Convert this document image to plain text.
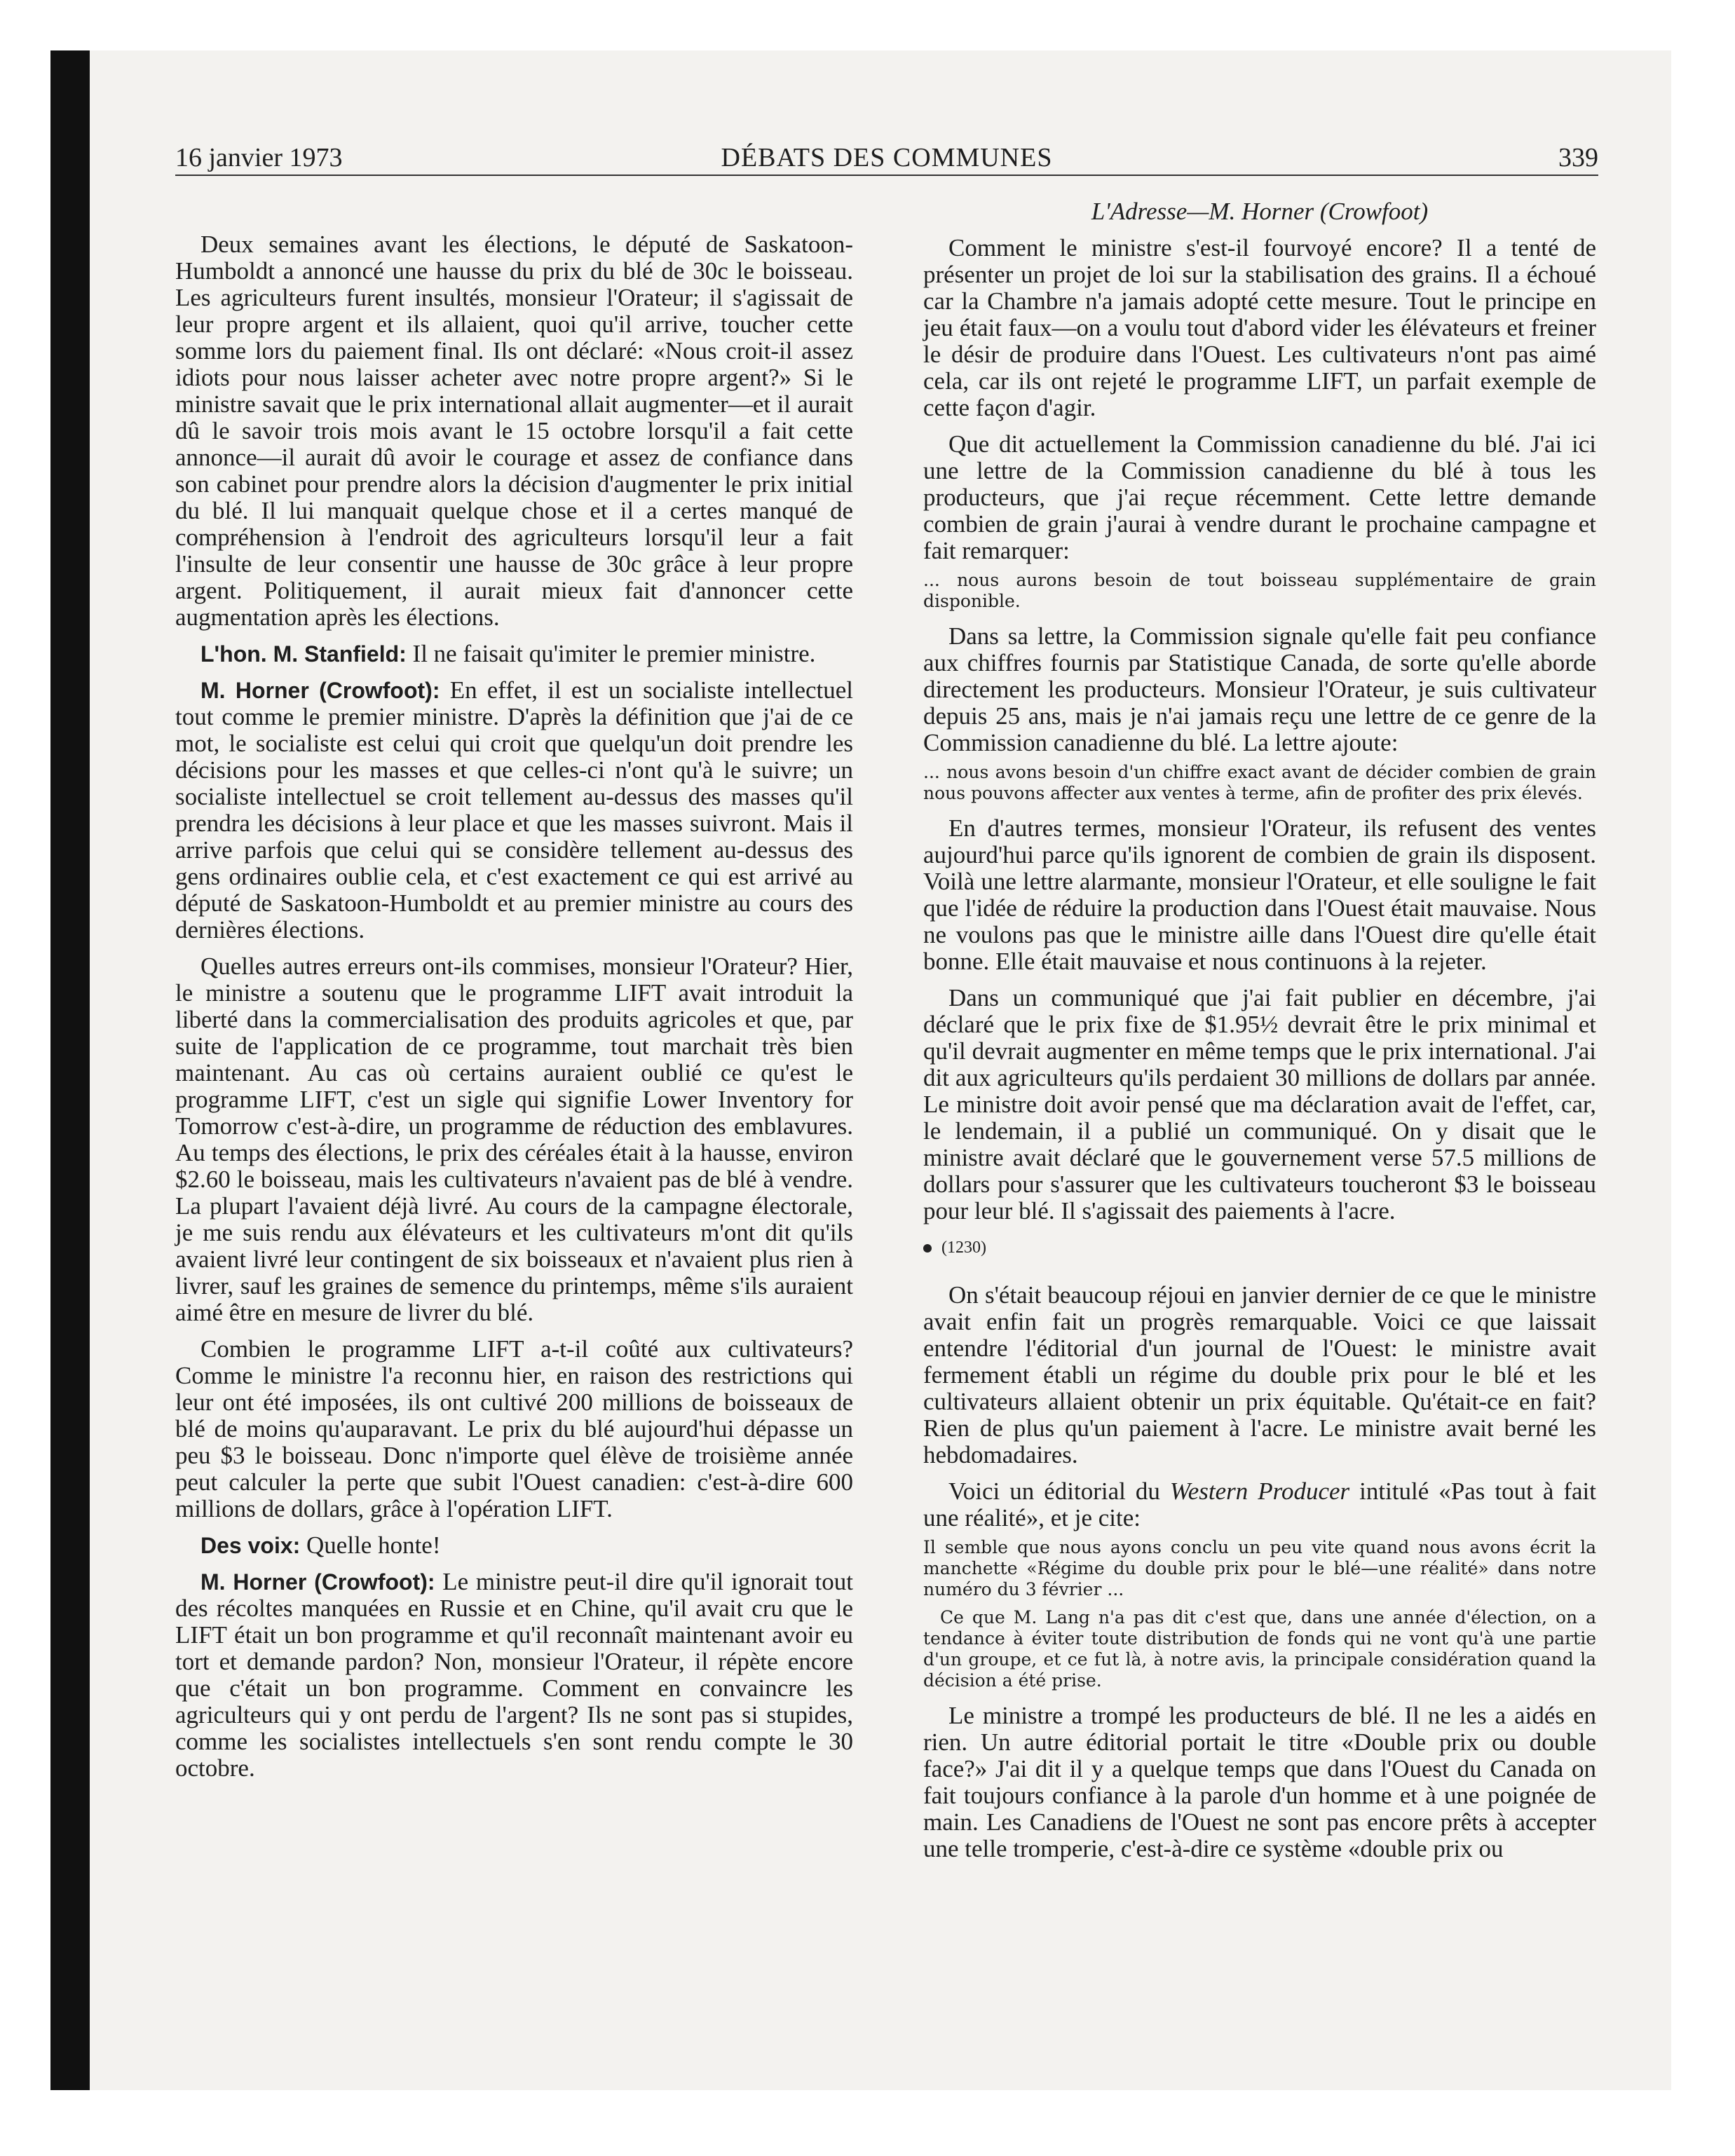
DÉBATS DES COMMUNES
16 janvier 1973	339
L'Adresse—M. Horner (Crowfoot)

Deux semaines avant les élections, le député de Saskatoon-Humboldt a annoncé une hausse du prix du blé de 30c le boisseau. Les agriculteurs furent insultés, monsieur l'Orateur; il s'agissait de leur propre argent et ils allaient, quoi qu'il arrive, toucher cette somme lors du paiement final. Ils ont déclaré: «Nous croit-il assez idiots pour nous laisser acheter avec notre propre argent?» Si le ministre savait que le prix international allait augmenter—et il aurait dû le savoir trois mois avant le 15 octobre lorsqu'il a fait cette annonce—il aurait dû avoir le courage et assez de confiance dans son cabinet pour prendre alors la décision d'augmenter le prix initial du blé. Il lui manquait quelque chose et il a certes manqué de compréhension à l'endroit des agriculteurs lorsqu'il leur a fait l'insulte de leur consentir une hausse de 30c grâce à leur propre argent. Politiquement, il aurait mieux fait d'annoncer cette augmentation après les élections.

L'hon. M. Stanfield: Il ne faisait qu'imiter le premier ministre.

M. Horner (Crowfoot): En effet, il est un socialiste intellectuel tout comme le premier ministre. D'après la définition que j'ai de ce mot, le socialiste est celui qui croit que quelqu'un doit prendre les décisions pour les masses et que celles-ci n'ont qu'à le suivre; un socialiste intellectuel se croit tellement au-dessus des masses qu'il prendra les décisions à leur place et que les masses suivront. Mais il arrive parfois que celui qui se considère tellement au-dessus des gens ordinaires oublie cela, et c'est exactement ce qui est arrivé au député de Saskatoon-Humboldt et au premier ministre au cours des dernières élections.

Quelles autres erreurs ont-ils commises, monsieur l'Orateur? Hier, le ministre a soutenu que le programme LIFT avait introduit la liberté dans la commercialisation des produits agricoles et que, par suite de l'application de ce programme, tout marchait très bien maintenant. Au cas où certains auraient oublié ce qu'est le programme LIFT, c'est un sigle qui signifie Lower Inventory for Tomorrow c'est-à-dire, un programme de réduction des emblavures. Au temps des élections, le prix des céréales était à la hausse, environ $2.60 le boisseau, mais les cultivateurs n'avaient pas de blé à vendre. La plupart l'avaient déjà livré. Au cours de la campagne électorale, je me suis rendu aux élévateurs et les cultivateurs m'ont dit qu'ils avaient livré leur contingent de six boisseaux et n'avaient plus rien à livrer, sauf les graines de semence du printemps, même s'ils auraient aimé être en mesure de livrer du blé.

Combien le programme LIFT a-t-il coûté aux cultivateurs? Comme le ministre l'a reconnu hier, en raison des restrictions qui leur ont été imposées, ils ont cultivé 200 millions de boisseaux de blé de moins qu'auparavant. Le prix du blé aujourd'hui dépasse un peu $3 le boisseau. Donc n'importe quel élève de troisième année peut calculer la perte que subit l'Ouest canadien: c'est-à-dire 600 millions de dollars, grâce à l'opération LIFT.

Des voix: Quelle honte!

M. Horner (Crowfoot): Le ministre peut-il dire qu'il ignorait tout des récoltes manquées en Russie et en Chine, qu'il avait cru que le LIFT était un bon programme et qu'il reconnaît maintenant avoir eu tort et demande pardon? Non, monsieur l'Orateur, il répète encore que c'était un bon programme. Comment en convaincre les agriculteurs qui y ont perdu de l'argent? Ils ne sont pas si stupides, comme les socialistes intellectuels s'en sont rendu compte le 30 octobre.

Comment le ministre s'est-il fourvoyé encore? Il a tenté de présenter un projet de loi sur la stabilisation des grains. Il a échoué car la Chambre n'a jamais adopté cette mesure. Tout le principe en jeu était faux—on a voulu tout d'abord vider les élévateurs et freiner le désir de produire dans l'Ouest. Les cultivateurs n'ont pas aimé cela, car ils ont rejeté le programme LIFT, un parfait exemple de cette façon d'agir.

Que dit actuellement la Commission canadienne du blé. J'ai ici une lettre de la Commission canadienne du blé à tous les producteurs, que j'ai reçue récemment. Cette lettre demande combien de grain j'aurai à vendre durant le prochaine campagne et fait remarquer:

... nous aurons besoin de tout boisseau supplémentaire de grain disponible.

Dans sa lettre, la Commission signale qu'elle fait peu confiance aux chiffres fournis par Statistique Canada, de sorte qu'elle aborde directement les producteurs. Monsieur l'Orateur, je suis cultivateur depuis 25 ans, mais je n'ai jamais reçu une lettre de ce genre de la Commission canadienne du blé. La lettre ajoute:

... nous avons besoin d'un chiffre exact avant de décider combien de grain nous pouvons affecter aux ventes à terme, afin de profiter des prix élevés.

En d'autres termes, monsieur l'Orateur, ils refusent des ventes aujourd'hui parce qu'ils ignorent de combien de grain ils disposent. Voilà une lettre alarmante, monsieur l'Orateur, et elle souligne le fait que l'idée de réduire la production dans l'Ouest était mauvaise. Nous ne voulons pas que le ministre aille dans l'Ouest dire qu'elle était bonne. Elle était mauvaise et nous continuons à la rejeter.

Dans un communiqué que j'ai fait publier en décembre, j'ai déclaré que le prix fixe de $1.95½ devrait être le prix minimal et qu'il devrait augmenter en même temps que le prix international. J'ai dit aux agriculteurs qu'ils perdaient 30 millions de dollars par année. Le ministre doit avoir pensé que ma déclaration avait de l'effet, car, le lendemain, il a publié un communiqué. On y disait que le ministre avait déclaré que le gouvernement verse 57.5 millions de dollars pour s'assurer que les cultivateurs toucheront $3 le boisseau pour leur blé. Il s'agissait des paiements à l'acre.

(1230)

On s'était beaucoup réjoui en janvier dernier de ce que le ministre avait enfin fait un progrès remarquable. Voici ce que laissait entendre l'éditorial d'un journal de l'Ouest: le ministre avait fermement établi un régime du double prix pour le blé et les cultivateurs allaient obtenir un prix équitable. Qu'était-ce en fait? Rien de plus qu'un paiement à l'acre. Le ministre avait berné les hebdomadaires.

Voici un éditorial du Western Producer intitulé «Pas tout à fait une réalité», et je cite:

Il semble que nous ayons conclu un peu vite quand nous avons écrit la manchette «Régime du double prix pour le blé—une réalité» dans notre numéro du 3 février ...

Ce que M. Lang n'a pas dit c'est que, dans une année d'élection, on a tendance à éviter toute distribution de fonds qui ne vont qu'à une partie d'un groupe, et ce fut là, à notre avis, la principale considération quand la décision a été prise.

Le ministre a trompé les producteurs de blé. Il ne les a aidés en rien. Un autre éditorial portait le titre «Double prix ou double face?» J'ai dit il y a quelque temps que dans l'Ouest du Canada on fait toujours confiance à la parole d'un homme et à une poignée de main. Les Canadiens de l'Ouest ne sont pas encore prêts à accepter une telle tromperie, c'est-à-dire ce système «double prix ou
